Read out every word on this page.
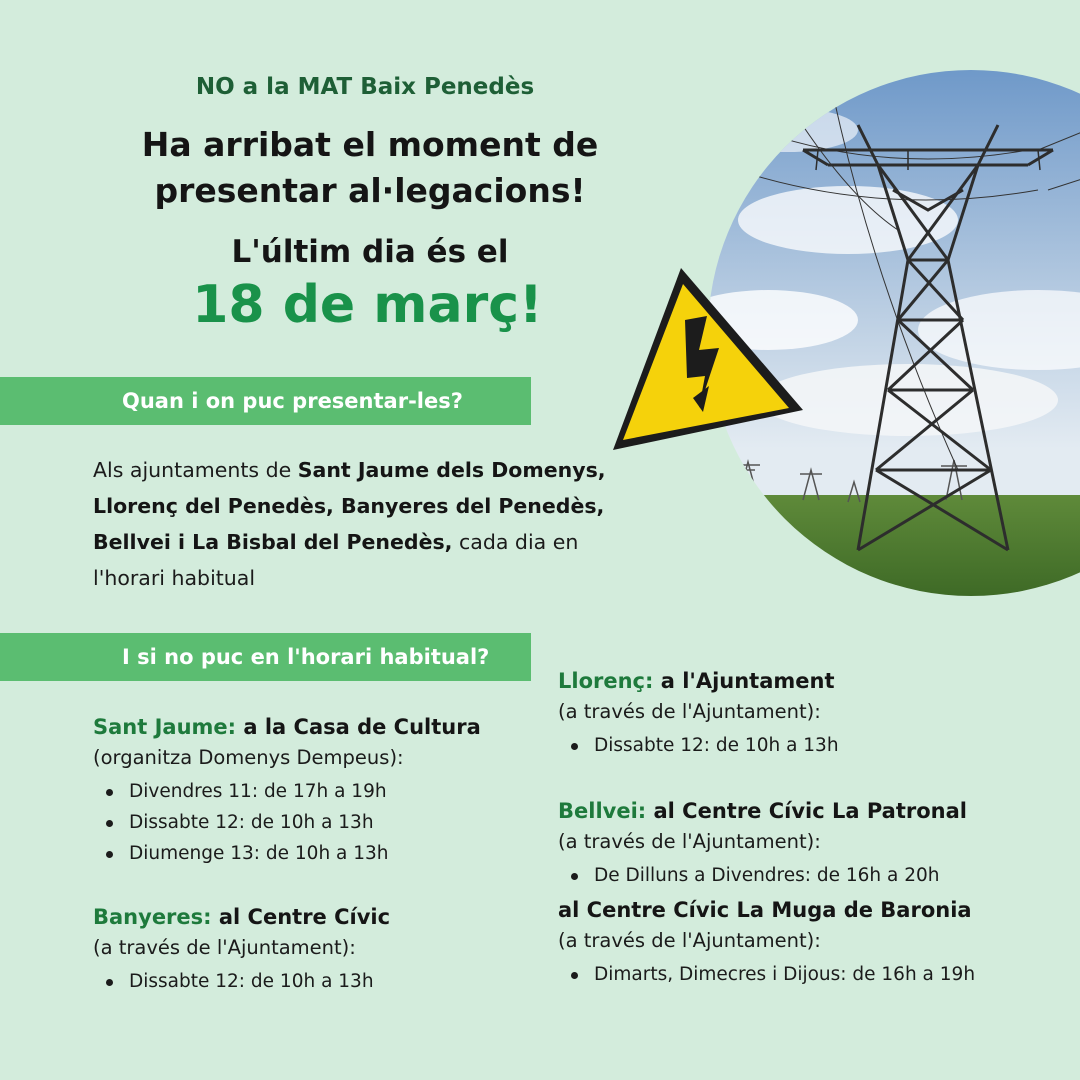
NO a la MAT Baix Penedès
Ha arribat el moment de
presentar al·legacions!
L'últim dia és el
18 de març!
Quan i on puc presentar-les?
Als ajuntaments de Sant Jaume dels Domenys, Llorenç del Penedès, Banyeres del Penedès, Bellvei i La Bisbal del Penedès, cada dia en l'horari habitual
I si no puc en l'horari habitual?
Sant Jaume: a la Casa de Cultura
(organitza Domenys Dempeus):
Divendres 11: de 17h a 19h
Dissabte 12: de 10h a 13h
Diumenge 13: de 10h a 13h
Banyeres: al Centre Cívic
(a través de l'Ajuntament):
Dissabte 12: de 10h a 13h
Llorenç: a l'Ajuntament
(a través de l'Ajuntament):
Dissabte 12: de 10h a 13h
Bellvei: al Centre Cívic La Patronal
(a través de l'Ajuntament):
De Dilluns a Divendres: de 16h a 20h
al Centre Cívic La Muga de Baronia
(a través de l'Ajuntament):
Dimarts, Dimecres i Dijous: de 16h a 19h
